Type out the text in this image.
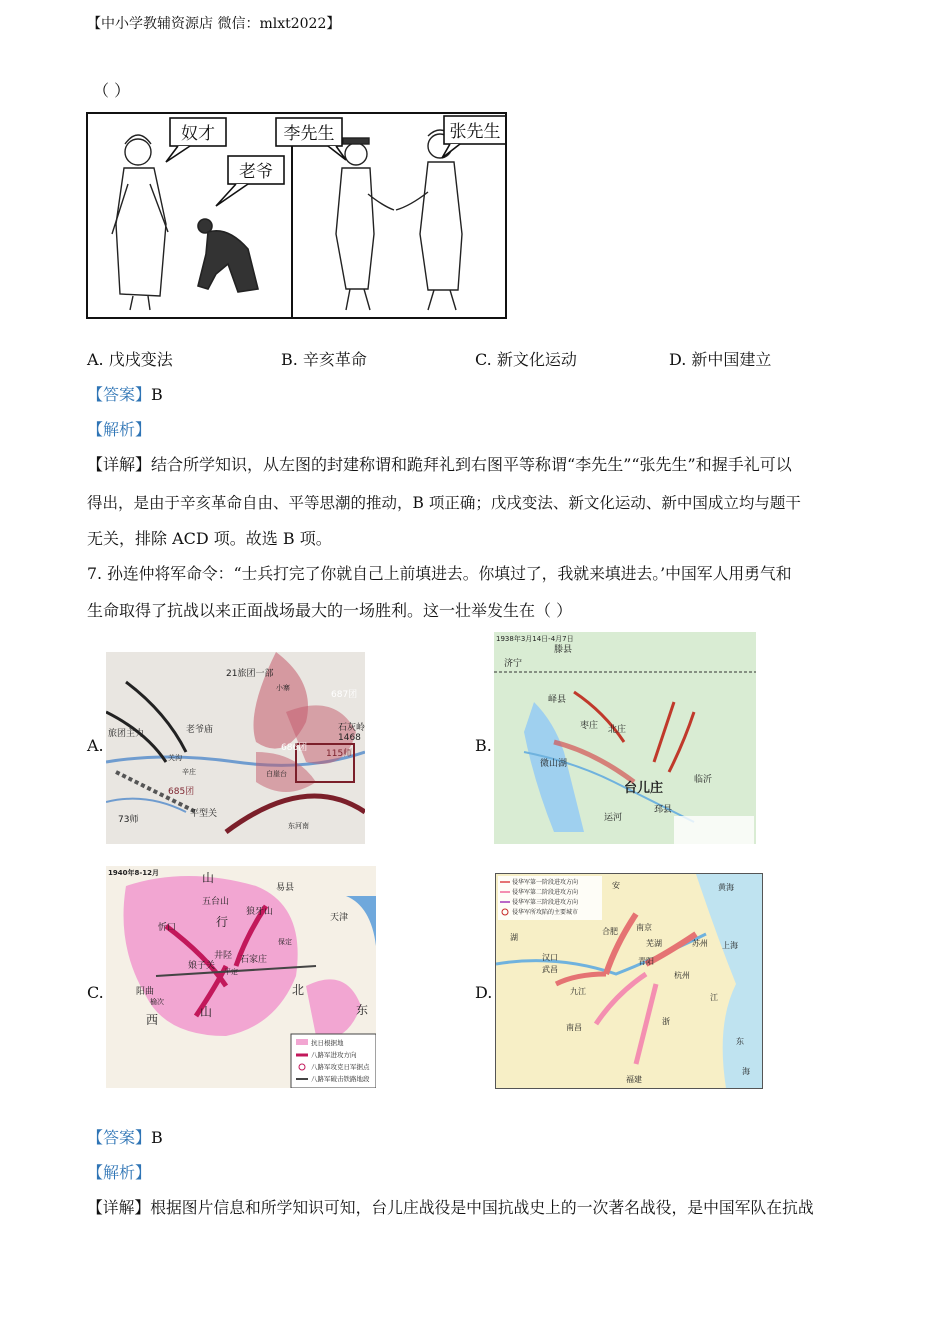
【中小学教辅资源店 微信：mlxt2022】
（ ）
奴才
老爷
李先生	张先生
A. 戊戌变法	B. 辛亥革命	C. 新文化运动	D. 新中国建立
【答案】B
【解析】
【详解】结合所学知识，从左图的封建称谓和跪拜礼到右图平等称谓“李先生”“张先生”和握手礼可以
得出，是由于辛亥革命自由、平等思潮的推动，B 项正确；戊戌变法、新文化运动、新中国成立均与题干
无关，排除 ACD 项。故选 B 项。
7. 孙连仲将军命令：“士兵打完了你就自己上前填进去。你填过了，我就来填进去。’中国军人用勇气和
生命取得了抗战以来正面战场最大的一场胜利。这一壮举发生在（ ）
A.	B.
C.	D.
21旅团一部
687团
老爷庙	石灰岭
1468
686团
115师
旅团主力
685团
73师
平型关
关沟
辛庄
东河南
小寨
白崖台
1938年3月14日-4月7日
峄县
枣庄
台儿庄
临沂
滕县
济宁
微山湖
运河
北庄
邳县
1940年8-12月	山
易县
五台山
行
狼牙山
天津
忻口
阳曲
娘子关
井陉 石家庄
西
山
北
东
榆次
平定
保定
抗日根据地
八路军进攻方向
八路军攻克日军据点
八路军破击铁路地段
侵华军第一阶段进攻方向
侵华军第二阶段进攻方向
侵华军第三阶段进攻方向
侵华军所攻陷的主要城市
南京
合肥
芜湖	上海
苏州
杭州
汉口
武昌
九江
南昌
青阳
安
江
浙
湖
东
海
黄海
福建
【答案】B
【解析】
【详解】根据图片信息和所学知识可知，台儿庄战役是中国抗战史上的一次著名战役，是中国军队在抗战
